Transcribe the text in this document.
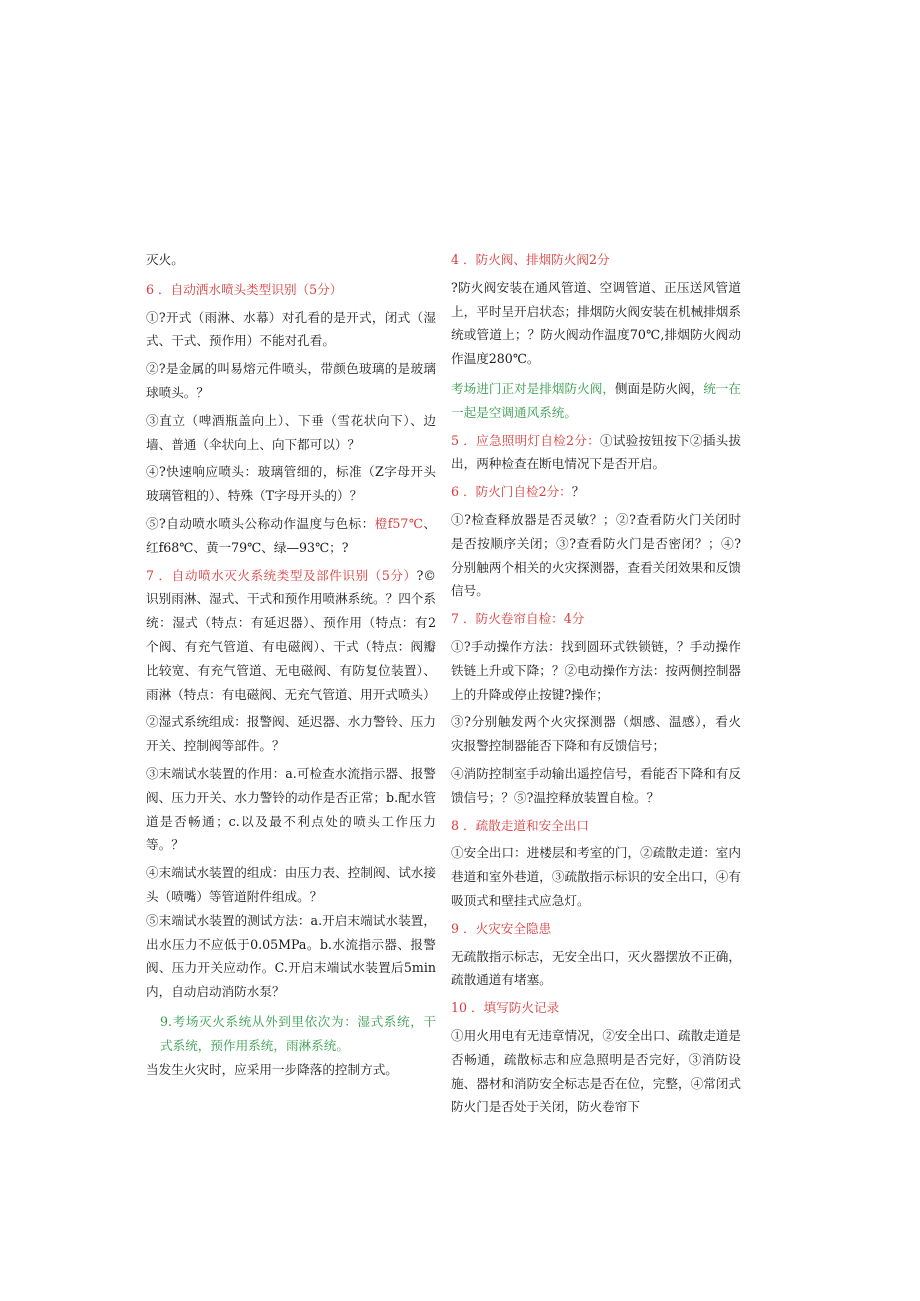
灭火。

6 ．自动洒水喷头类型识别（5分）

①?开式（雨淋、水幕）对孔看的是开式，闭式（湿式、干式、预作用）不能对孔看。

②?是金属的叫易熔元件喷头，带颜色玻璃的是玻璃球喷头。？

③直立（啤酒瓶盖向上）、下垂（雪花状向下）、边墙、普通（伞状向上、向下都可以）？

④?快速响应喷头：玻璃管细的，标准（Z字母开头玻璃管粗的）、特殊（T字母开头的）？

⑤?自动喷水喷头公称动作温度与色标：橙f57℃、红f68℃、黄一79℃、绿—93℃；?

7 ．自动喷水灭火系统类型及部件识别（5分）?©识别雨淋、湿式、干式和预作用喷淋系统。？四个系统：湿式（特点：有延迟器）、预作用（特点：有2个阀、有充气管道、有电磁阀）、干式（特点：阀瓣比较宽、有充气管道、无电磁阀、有防复位装置）、雨淋（特点：有电磁阀、无充气管道、用开式喷头）

②湿式系统组成：报警阀、延迟器、水力警铃、压力开关、控制阀等部件。？

③末端试水装置的作用：a.可检查水流指示器、报警阀、压力开关、水力警铃的动作是否正常；b.配水管道是否畅通；c.以及最不利点处的喷头工作压力等。？

④末端试水装置的组成：由压力表、控制阀、试水接头（喷嘴）等管道附件组成。？

⑤末端试水装置的测试方法：a.开启末端试水装置，出水压力不应低于0.05MPa。b.水流指示器、报警阀、压力开关应动作。C.开启末端试水装置后5min内，自动启动消防水泵？

9.考场灭火系统从外到里依次为：湿式系统，干式系统，预作用系统，雨淋系统。

当发生火灾时，应采用一步降落的控制方式。

4 ．防火阀、排烟防火阀2分

?防火阀安装在通风管道、空调管道、正压送风管道上，平时呈开启状态；排烟防火阀安装在机械排烟系统或管道上；？防火阀动作温度70℃,排烟防火阀动作温度280℃。

考场进门正对是排烟防火阀，侧面是防火阀，统一在一起是空调通风系统。

5 ．应急照明灯自检2分：①试验按钮按下②插头拔出，两种检查在断电情况下是否开启。

6 ．防火门自检2分：？

①?检查释放器是否灵敏？；②?查看防火门关闭时是否按顺序关闭；③?查看防火门是否密闭？；④?分别触两个相关的火灾探测器，查看关闭效果和反馈信号。

7 ．防火卷帘自检：4分

①?手动操作方法：找到圆环式铁锁链，？手动操作铁链上升或下降；？②电动操作方法：按两侧控制器上的升降或停止按键?操作；

③?分别触发两个火灾探测器（烟感、温感），看火灾报警控制器能否下降和有反馈信号；

④消防控制室手动输出遥控信号，看能否下降和有反馈信号；？⑤?温控释放装置自检。？

8 ．疏散走道和安全出口

①安全出口：进楼层和考室的门，②疏散走道：室内巷道和室外巷道，③疏散指示标识的安全出口，④有吸顶式和壁挂式应急灯。

9 ．火灾安全隐患

无疏散指示标志，无安全出口，灭火器摆放不正确，疏散通道有堵塞。

10 ．填写防火记录

①用火用电有无违章情况，②安全出口、疏散走道是否畅通，疏散标志和应急照明是否完好，③消防设施、器材和消防安全标志是否在位，完整，④常闭式防火门是否处于关闭，防火卷帘下
